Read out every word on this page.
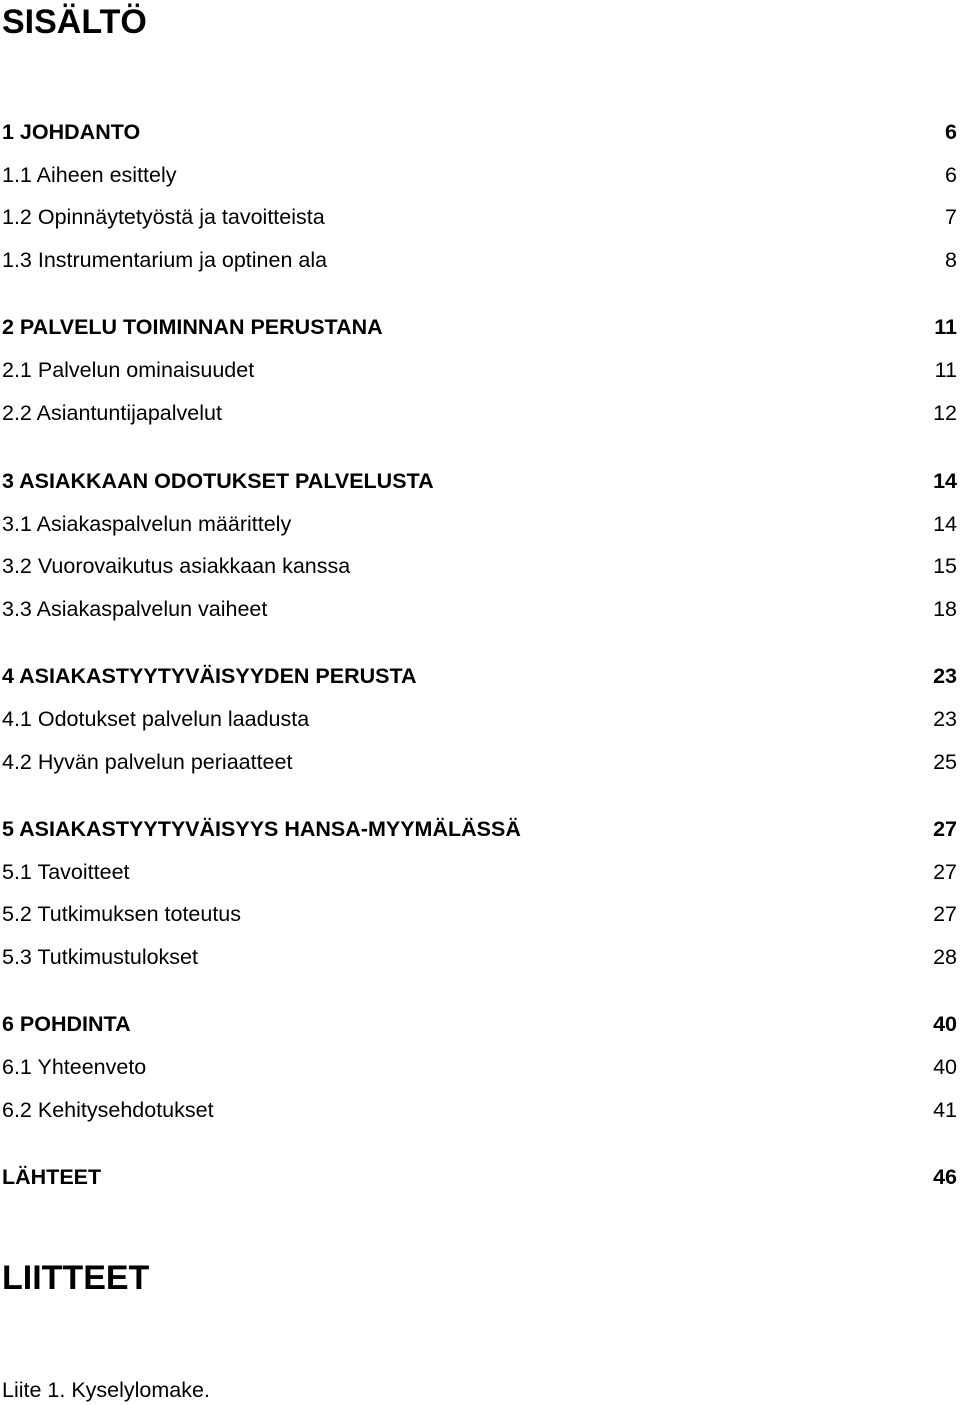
SISÄLTÖ
1 JOHDANTO	6
1.1 Aiheen esittely	6
1.2 Opinnäytetyöstä ja tavoitteista	7
1.3 Instrumentarium ja optinen ala	8
2 PALVELU TOIMINNAN PERUSTANA	11
2.1 Palvelun ominaisuudet	11
2.2 Asiantuntijapalvelut	12
3 ASIAKKAAN ODOTUKSET PALVELUSTA	14
3.1 Asiakaspalvelun määrittely	14
3.2 Vuorovaikutus asiakkaan kanssa	15
3.3 Asiakaspalvelun vaiheet	18
4 ASIAKASTYYTYVÄISYYDEN PERUSTA	23
4.1 Odotukset palvelun laadusta	23
4.2 Hyvän palvelun periaatteet	25
5 ASIAKASTYYTYVÄISYYS HANSA-MYYMÄLÄSSÄ	27
5.1 Tavoitteet	27
5.2 Tutkimuksen toteutus	27
5.3 Tutkimustulokset	28
6 POHDINTA	40
6.1 Yhteenveto	40
6.2 Kehitysehdotukset	41
LÄHTEET	46
LIITTEET
Liite 1. Kyselylomake.
